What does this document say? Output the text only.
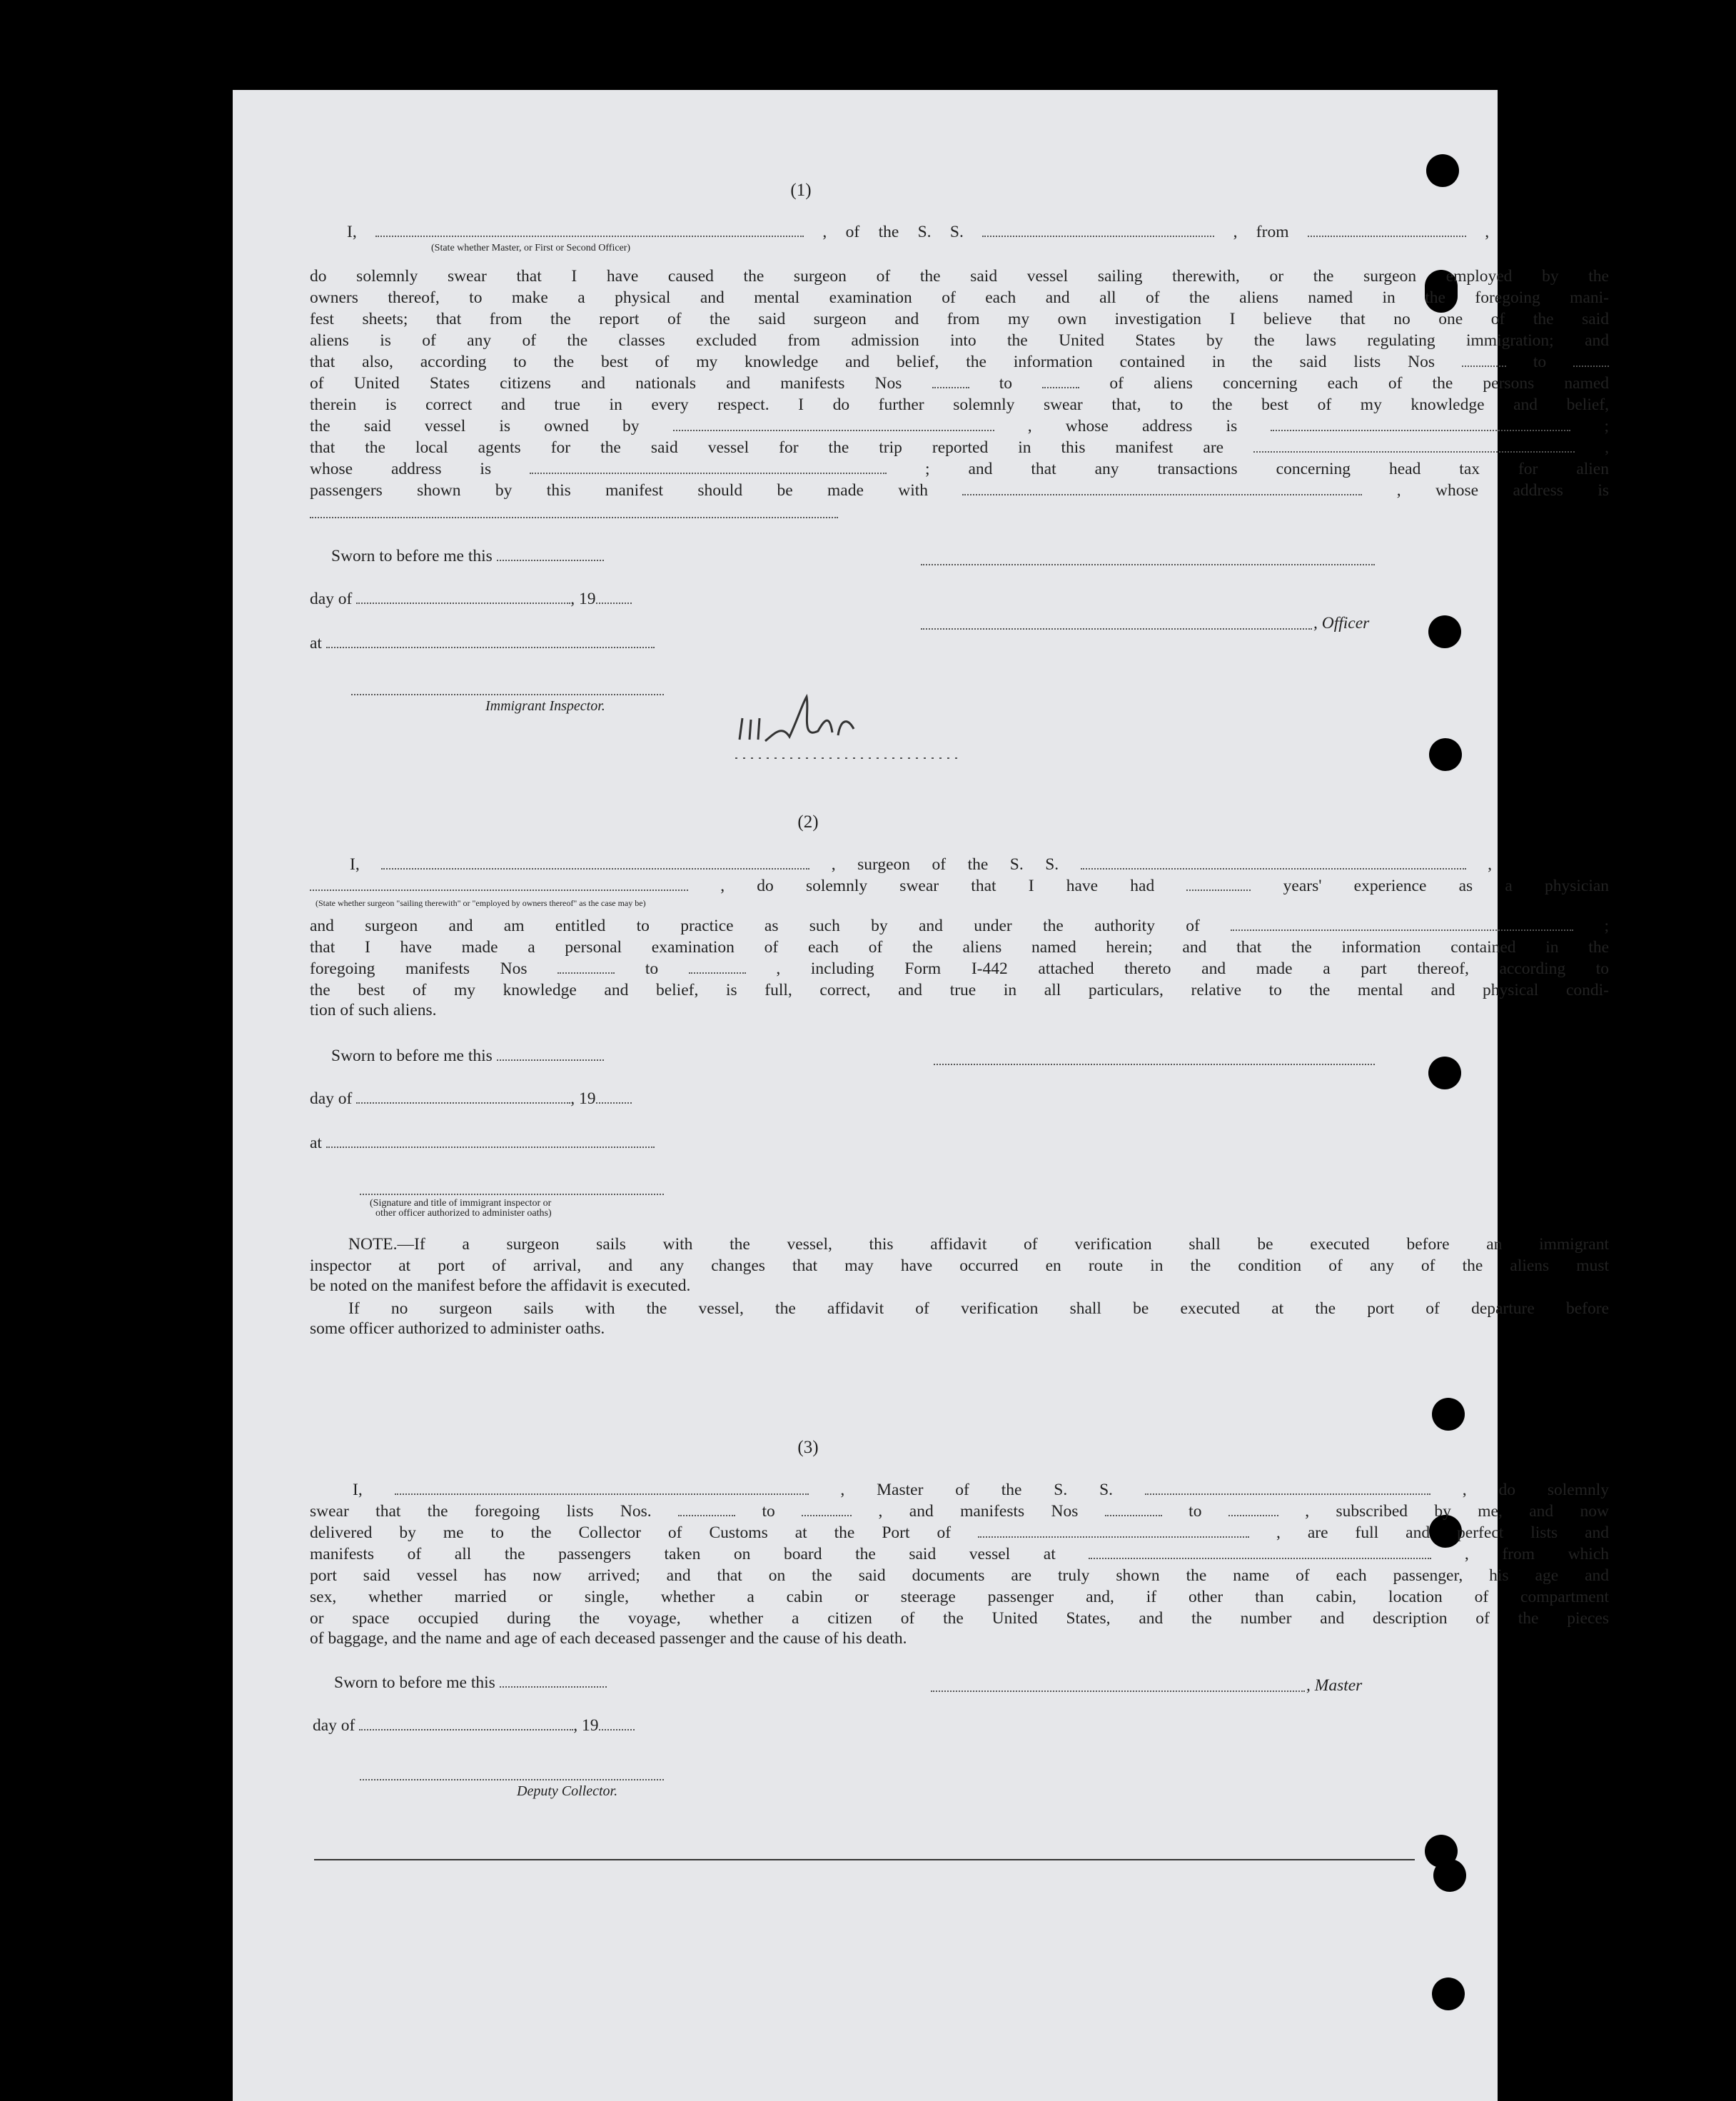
(1)
I,	, of the S. S.	, from	,
(State whether Master, or First or Second Officer)
do solemnly swear that I have caused the surgeon of the said vessel sailing therewith, or the surgeon employed by the
owners thereof, to make a physical and mental examination of each and all of the aliens named in the foregoing mani-
fest sheets; that from the report of the said surgeon and from my own investigation I believe that no one of the said
aliens is of any of the classes excluded from admission into the United States by the laws regulating immigration; and
that also, according to the best of my knowledge and belief, the information contained in the said lists Nos	to
of United States citizens and nationals and manifests Nos	to	of aliens concerning each of the persons named
therein is correct and true in every respect. I do further solemnly swear that, to the best of my knowledge and belief,
the said vessel is owned by	, whose address is	;
that the local agents for the said vessel for the trip reported in this manifest are	,
whose address is	; and that any transactions concerning head tax for alien
passengers shown by this manifest should be made with	, whose address is
Sworn to before me this
day of	, 19
, Officer
at
Immigrant Inspector.
(2)
I,	, surgeon of the S. S.	,
, do solemnly swear that I have had	years' experience as a physician
(State whether surgeon "sailing therewith" or "employed by owners thereof" as the case may be)
and surgeon and am entitled to practice as such by and under the authority of	;
that I have made a personal examination of each of the aliens named herein; and that the information contained in the
foregoing manifests Nos	to	, including Form I-442 attached thereto and made a part thereof, according to
the best of my knowledge and belief, is full, correct, and true in all particulars, relative to the mental and physical condi-
tion of such aliens.
Sworn to before me this
day of	, 19
at
(Signature and title of immigrant inspector or
other officer authorized to administer oaths)
NOTE.—If a surgeon sails with the vessel, this affidavit of verification shall be executed before an immigrant
inspector at port of arrival, and any changes that may have occurred en route in the condition of any of the aliens must
be noted on the manifest before the affidavit is executed.
If no surgeon sails with the vessel, the affidavit of verification shall be executed at the port of departure before
some officer authorized to administer oaths.
(3)
I,	, Master of the S. S.	, do solemnly
swear that the foregoing lists Nos.	to	, and manifests Nos	to	, subscribed by me, and now
delivered by me to the Collector of Customs at the Port of	, are full and perfect lists and
manifests of all the passengers taken on board the said vessel at	, from which
port said vessel has now arrived; and that on the said documents are truly shown the name of each passenger, his age and
sex, whether married or single, whether a cabin or steerage passenger and, if other than cabin, location of compartment
or space occupied during the voyage, whether a citizen of the United States, and the number and description of the pieces
of baggage, and the name and age of each deceased passenger and the cause of his death.
Sworn to before me this	, Master
day of	, 19
Deputy Collector.
